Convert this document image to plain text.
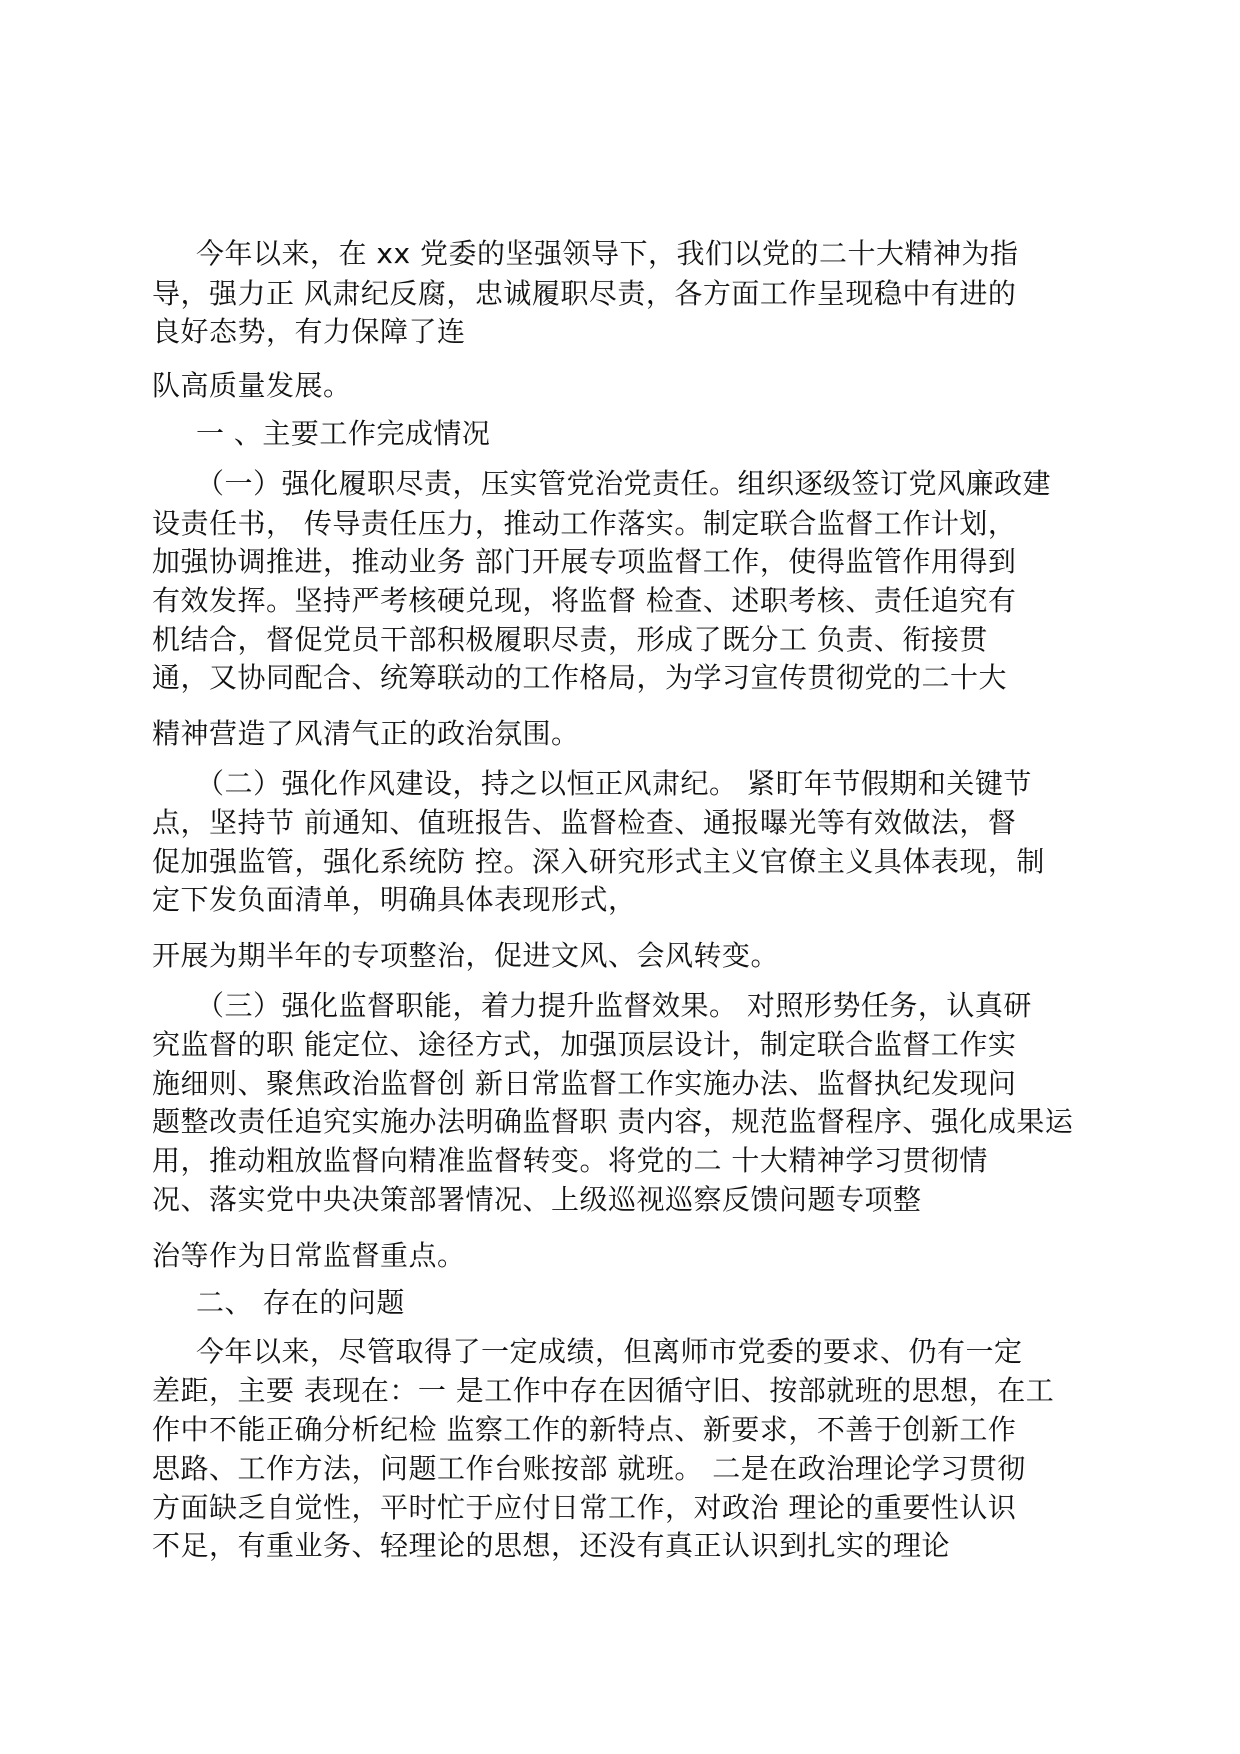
今年以来，在 xx 党委的坚强领导下，我们以党的二十大精神为指
导，强力正 风肃纪反腐，忠诚履职尽责，各方面工作呈现稳中有进的
良好态势，有力保障了连
队高质量发展。
一 、主要工作完成情况
（一）强化履职尽责，压实管党治党责任。组织逐级签订党风廉政建
设责任书， 传导责任压力，推动工作落实。制定联合监督工作计划，
加强协调推进，推动业务 部门开展专项监督工作，使得监管作用得到
有效发挥。坚持严考核硬兑现，将监督 检查、述职考核、责任追究有
机结合，督促党员干部积极履职尽责，形成了既分工 负责、衔接贯
通，又协同配合、统筹联动的工作格局，为学习宣传贯彻党的二十大
精神营造了风清气正的政治氛围。
（二）强化作风建设，持之以恒正风肃纪。 紧盯年节假期和关键节
点，坚持节 前通知、值班报告、监督检查、通报曝光等有效做法，督
促加强监管，强化系统防 控。深入研究形式主义官僚主义具体表现，制
定下发负面清单，明确具体表现形式，
开展为期半年的专项整治，促进文风、会风转变。
（三）强化监督职能，着力提升监督效果。 对照形势任务，认真研
究监督的职 能定位、途径方式，加强顶层设计，制定联合监督工作实
施细则、聚焦政治监督创 新日常监督工作实施办法、监督执纪发现问
题整改责任追究实施办法明确监督职 责内容，规范监督程序、强化成果运
用，推动粗放监督向精准监督转变。将党的二 十大精神学习贯彻情
况、落实党中央决策部署情况、上级巡视巡察反馈问题专项整
治等作为日常监督重点。
二、 存在的问题
今年以来，尽管取得了一定成绩，但离师市党委的要求、仍有一定
差距，主要 表现在：一 是工作中存在因循守旧、按部就班的思想，在工
作中不能正确分析纪检 监察工作的新特点、新要求，不善于创新工作
思路、工作方法，问题工作台账按部 就班。 二是在政治理论学习贯彻
方面缺乏自觉性，平时忙于应付日常工作，对政治 理论的重要性认识
不足，有重业务、轻理论的思想，还没有真正认识到扎实的理论
